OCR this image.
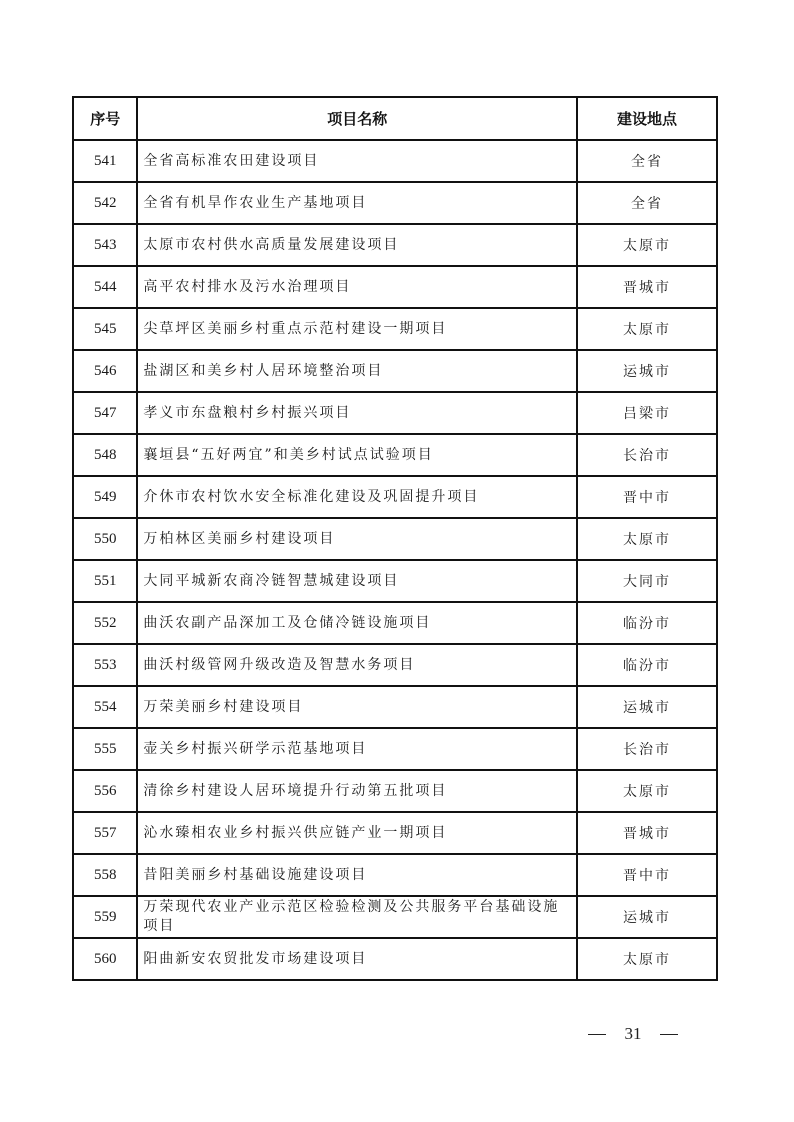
序号	项目名称	建设地点
541	全省高标准农田建设项目	全省
542	全省有机旱作农业生产基地项目	全省
543	太原市农村供水高质量发展建设项目	太原市
544	高平农村排水及污水治理项目	晋城市
545	尖草坪区美丽乡村重点示范村建设一期项目	太原市
546	盐湖区和美乡村人居环境整治项目	运城市
547	孝义市东盘粮村乡村振兴项目	吕梁市
548	襄垣县“五好两宜”和美乡村试点试验项目	长治市
549	介休市农村饮水安全标准化建设及巩固提升项目	晋中市
550	万柏林区美丽乡村建设项目	太原市
551	大同平城新农商冷链智慧城建设项目	大同市
552	曲沃农副产品深加工及仓储冷链设施项目	临汾市
553	曲沃村级管网升级改造及智慧水务项目	临汾市
554	万荣美丽乡村建设项目	运城市
555	壶关乡村振兴研学示范基地项目	长治市
556	清徐乡村建设人居环境提升行动第五批项目	太原市
557	沁水臻相农业乡村振兴供应链产业一期项目	晋城市
558	昔阳美丽乡村基础设施建设项目	晋中市
559	万荣现代农业产业示范区检验检测及公共服务平台基础设施项目	运城市
560	阳曲新安农贸批发市场建设项目	太原市
31
